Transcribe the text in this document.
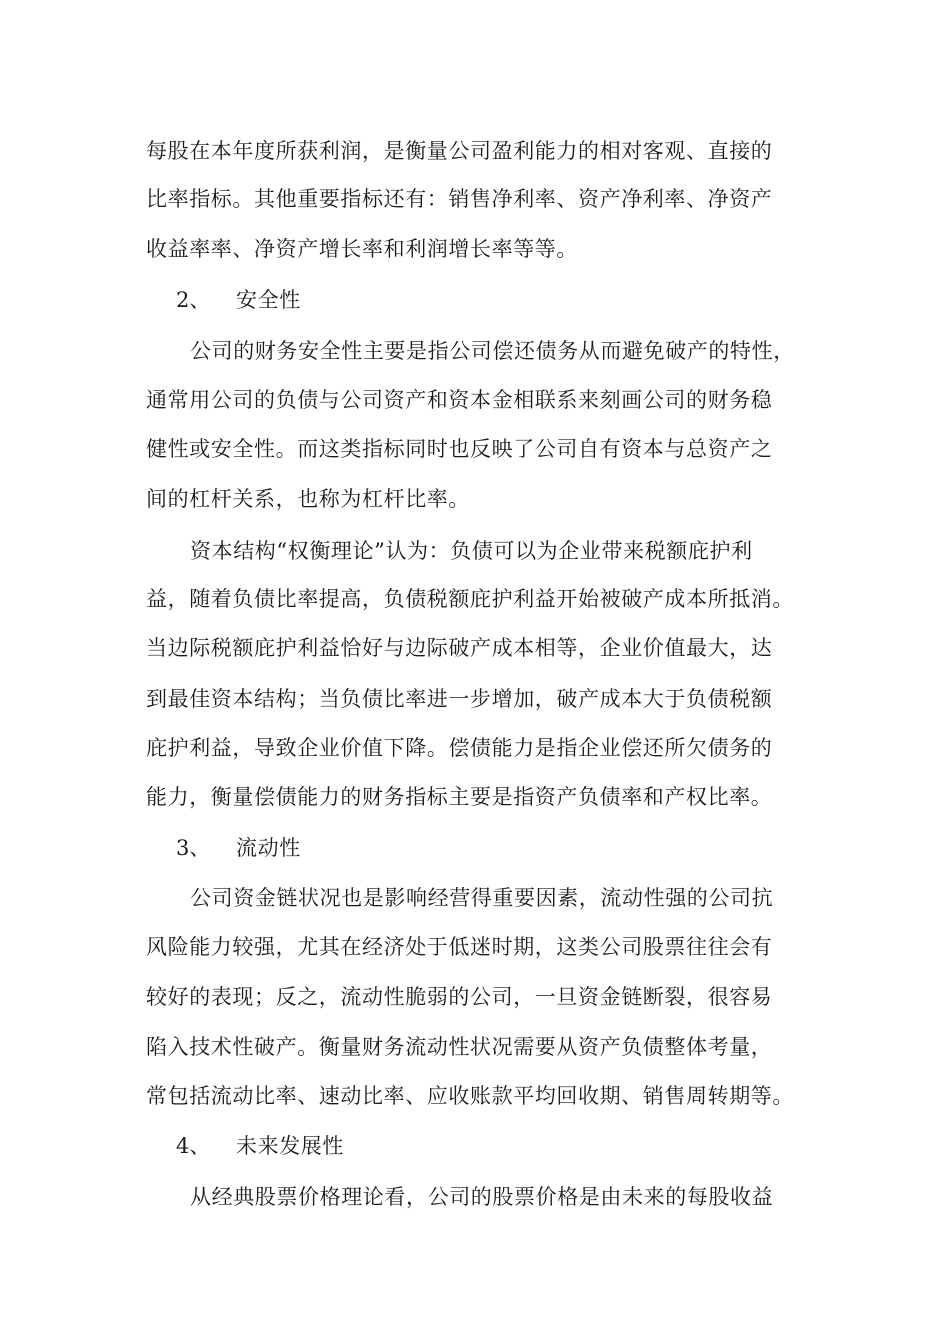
每股在本年度所获利润，是衡量公司盈利能力的相对客观、直接的
比率指标。其他重要指标还有：销售净利率、资产净利率、净资产
收益率率、净资产增长率和利润增长率等等。
2、 安全性
公司的财务安全性主要是指公司偿还债务从而避免破产的特性，
通常用公司的负债与公司资产和资本金相联系来刻画公司的财务稳
健性或安全性。而这类指标同时也反映了公司自有资本与总资产之
间的杠杆关系，也称为杠杆比率。
资本结构“权衡理论”认为：负债可以为企业带来税额庇护利
益，随着负债比率提高，负债税额庇护利益开始被破产成本所抵消。
当边际税额庇护利益恰好与边际破产成本相等，企业价值最大，达
到最佳资本结构；当负债比率进一步增加，破产成本大于负债税额
庇护利益，导致企业价值下降。偿债能力是指企业偿还所欠债务的
能力，衡量偿债能力的财务指标主要是指资产负债率和产权比率。
3、 流动性
公司资金链状况也是影响经营得重要因素，流动性强的公司抗
风险能力较强，尤其在经济处于低迷时期，这类公司股票往往会有
较好的表现；反之，流动性脆弱的公司，一旦资金链断裂，很容易
陷入技术性破产。衡量财务流动性状况需要从资产负债整体考量，
常包括流动比率、速动比率、应收账款平均回收期、销售周转期等。
4、 未来发展性
从经典股票价格理论看，公司的股票价格是由未来的每股收益
